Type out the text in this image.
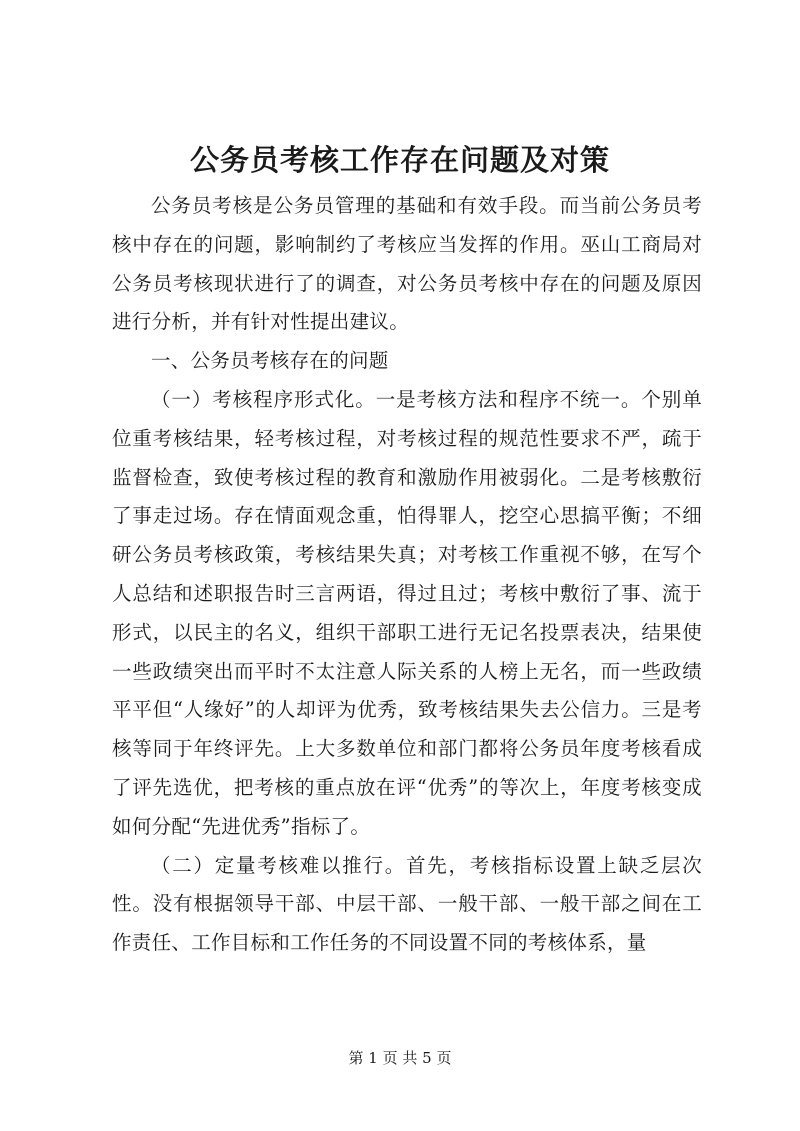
公务员考核工作存在问题及对策

公务员考核是公务员管理的基础和有效手段。而当前公务员考核中存在的问题，影响制约了考核应当发挥的作用。巫山工商局对公务员考核现状进行了的调查，对公务员考核中存在的问题及原因进行分析，并有针对性提出建议。

一、公务员考核存在的问题

（一）考核程序形式化。一是考核方法和程序不统一。个别单位重考核结果，轻考核过程，对考核过程的规范性要求不严，疏于监督检查，致使考核过程的教育和激励作用被弱化。二是考核敷衍了事走过场。存在情面观念重，怕得罪人，挖空心思搞平衡；不细研公务员考核政策，考核结果失真；对考核工作重视不够，在写个人总结和述职报告时三言两语，得过且过；考核中敷衍了事、流于形式，以民主的名义，组织干部职工进行无记名投票表决，结果使一些政绩突出而平时不太注意人际关系的人榜上无名，而一些政绩平平但“人缘好”的人却评为优秀，致考核结果失去公信力。三是考核等同于年终评先。上大多数单位和部门都将公务员年度考核看成了评先选优，把考核的重点放在评“优秀”的等次上，年度考核变成如何分配“先进优秀”指标了。

（二）定量考核难以推行。首先，考核指标设置上缺乏层次性。没有根据领导干部、中层干部、一般干部、一般干部之间在工作责任、工作目标和工作任务的不同设置不同的考核体系，量

第 1 页 共 5 页
